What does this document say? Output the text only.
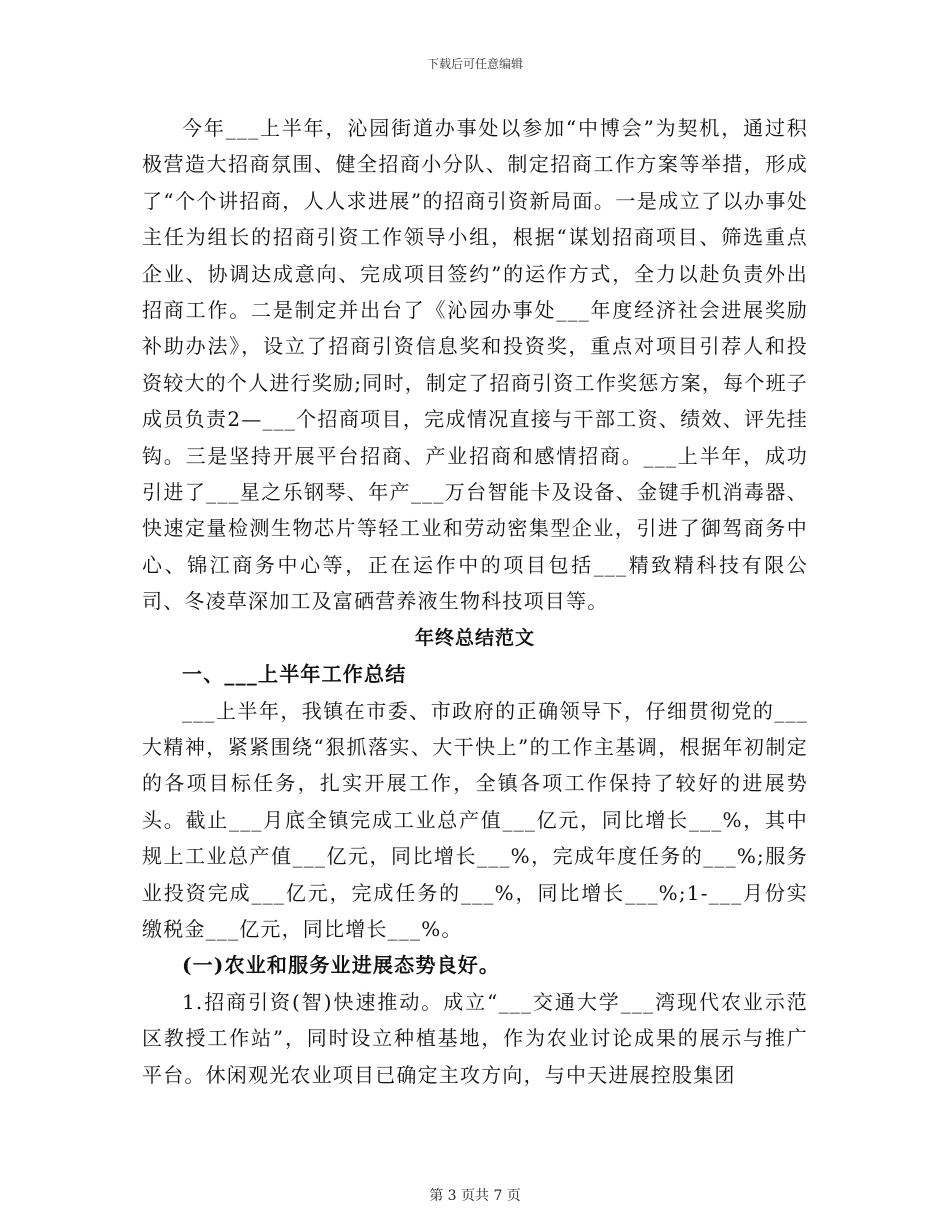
下载后可任意编辑

今年___上半年，沁园街道办事处以参加“中博会”为契机，通过积极营造大招商氛围、健全招商小分队、制定招商工作方案等举措，形成了“个个讲招商，人人求进展”的招商引资新局面。一是成立了以办事处主任为组长的招商引资工作领导小组，根据“谋划招商项目、筛选重点企业、协调达成意向、完成项目签约”的运作方式，全力以赴负责外出招商工作。二是制定并出台了《沁园办事处___年度经济社会进展奖励补助办法》，设立了招商引资信息奖和投资奖，重点对项目引荐人和投资较大的个人进行奖励;同时，制定了招商引资工作奖惩方案，每个班子成员负责2—___个招商项目，完成情况直接与干部工资、绩效、评先挂钩。三是坚持开展平台招商、产业招商和感情招商。___上半年，成功引进了___星之乐钢琴、年产___万台智能卡及设备、金键手机消毒器、快速定量检测生物芯片等轻工业和劳动密集型企业，引进了御驾商务中心、锦江商务中心等，正在运作中的项目包括___精致精科技有限公司、冬凌草深加工及富硒营养液生物科技项目等。

年终总结范文

一、___上半年工作总结

___上半年，我镇在市委、市政府的正确领导下，仔细贯彻党的___大精神，紧紧围绕“狠抓落实、大干快上”的工作主基调，根据年初制定的各项目标任务，扎实开展工作，全镇各项工作保持了较好的进展势头。截止___月底全镇完成工业总产值___亿元，同比增长___%，其中规上工业总产值___亿元，同比增长___%，完成年度任务的___%;服务业投资完成___亿元，完成任务的___%，同比增长___%;1-___月份实缴税金___亿元，同比增长___%。

(一)农业和服务业进展态势良好。

1.招商引资(智)快速推动。成立“___交通大学___湾现代农业示范区教授工作站”，同时设立种植基地，作为农业讨论成果的展示与推广平台。休闲观光农业项目已确定主攻方向，与中天进展控股集团

第 3 页共 7 页
